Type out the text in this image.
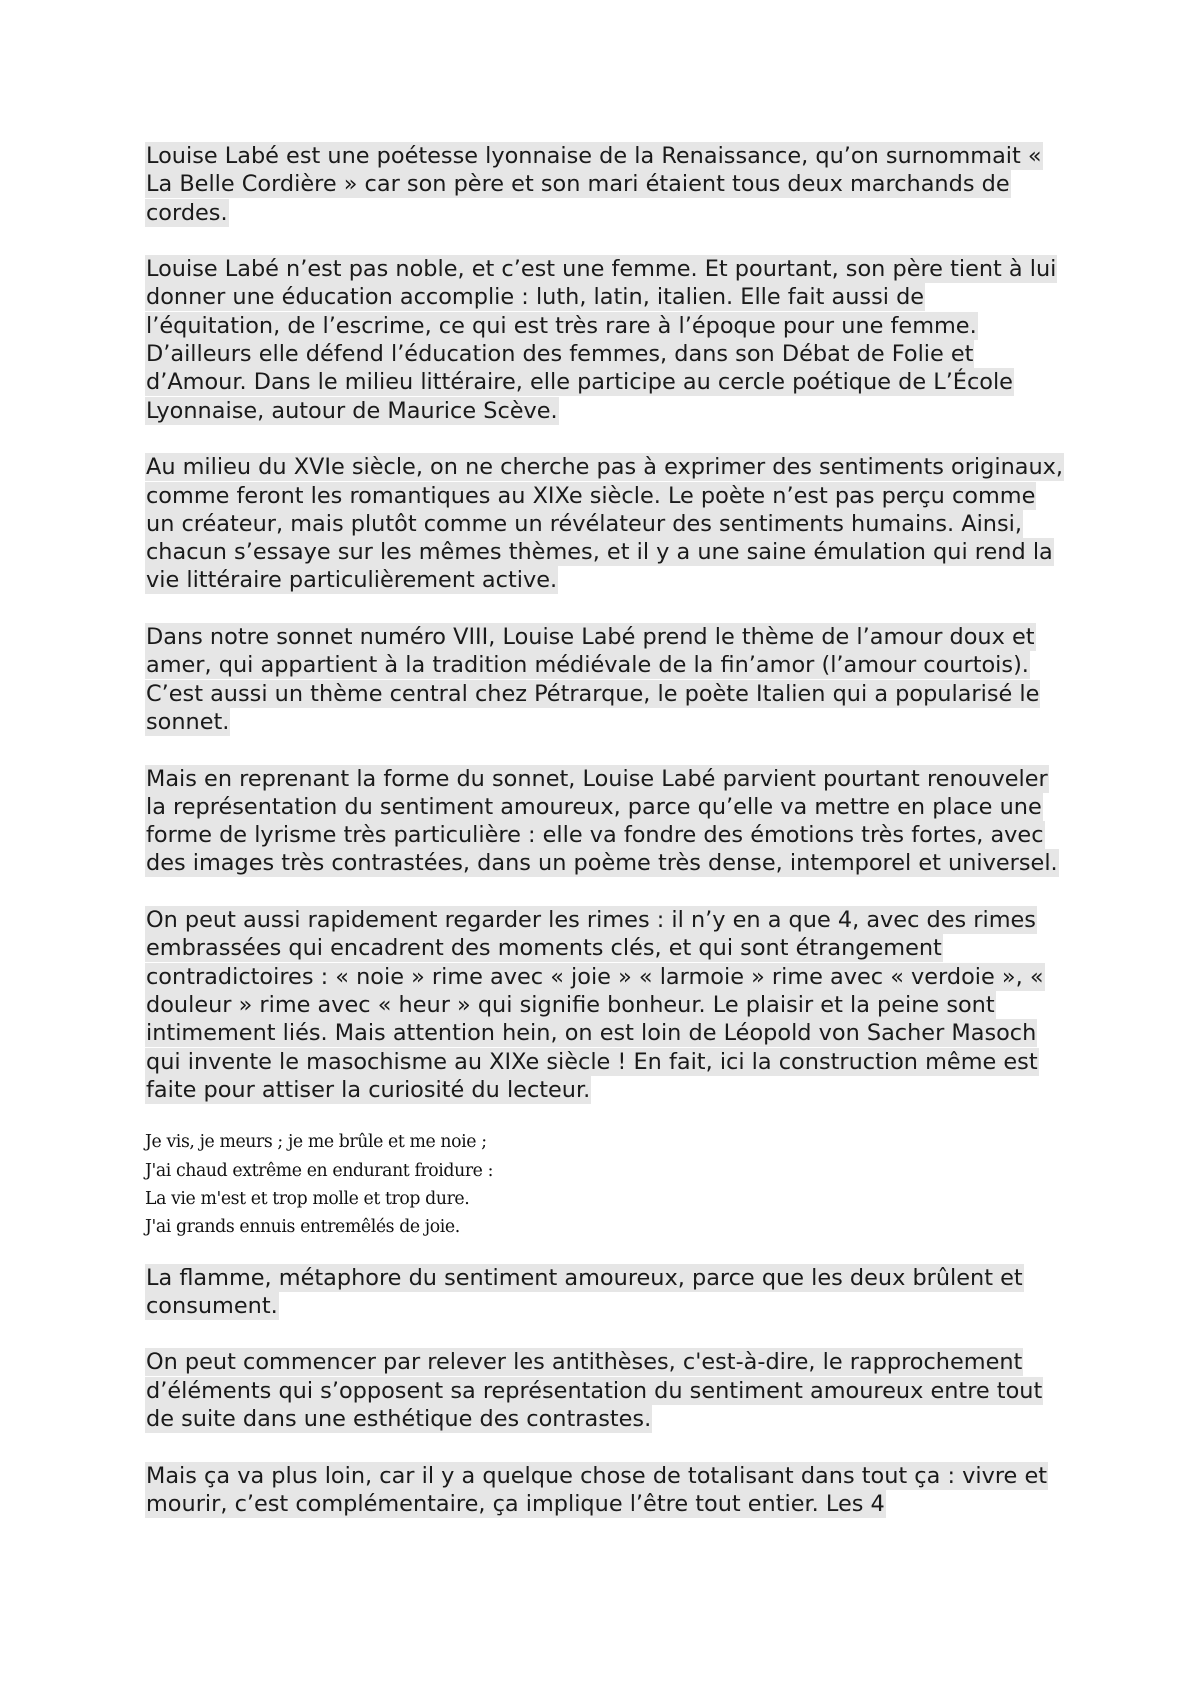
Louise Labé est une poétesse lyonnaise de la Renaissance, qu’on surnommait « La Belle Cordière » car son père et son mari étaient tous deux marchands de cordes.

Louise Labé n’est pas noble, et c’est une femme. Et pourtant, son père tient à lui donner une éducation accomplie : luth, latin, italien. Elle fait aussi de l’équitation, de l’escrime, ce qui est très rare à l’époque pour une femme. D’ailleurs elle défend l’éducation des femmes, dans son Débat de Folie et d’Amour. Dans le milieu littéraire, elle participe au cercle poétique de L’École Lyonnaise, autour de Maurice Scève.

Au milieu du XVIe siècle, on ne cherche pas à exprimer des sentiments originaux, comme feront les romantiques au XIXe siècle. Le poète n’est pas perçu comme un créateur, mais plutôt comme un révélateur des sentiments humains. Ainsi, chacun s’essaye sur les mêmes thèmes, et il y a une saine émulation qui rend la vie littéraire particulièrement active.

Dans notre sonnet numéro VIII, Louise Labé prend le thème de l’amour doux et amer, qui appartient à la tradition médiévale de la fin’amor (l’amour courtois). C’est aussi un thème central chez Pétrarque, le poète Italien qui a popularisé le sonnet.

Mais en reprenant la forme du sonnet, Louise Labé parvient pourtant renouveler la représentation du sentiment amoureux, parce qu’elle va mettre en place une forme de lyrisme très particulière : elle va fondre des émotions très fortes, avec des images très contrastées, dans un poème très dense, intemporel et universel.

On peut aussi rapidement regarder les rimes : il n’y en a que 4, avec des rimes embrassées qui encadrent des moments clés, et qui sont étrangement contradictoires : « noie » rime avec « joie » « larmoie » rime avec « verdoie », « douleur » rime avec « heur » qui signifie bonheur. Le plaisir et la peine sont intimement liés. Mais attention hein, on est loin de Léopold von Sacher Masoch qui invente le masochisme au XIXe siècle ! En fait, ici la construction même est faite pour attiser la curiosité du lecteur.

Je vis, je meurs ; je me brûle et me noie ;
J'ai chaud extrême en endurant froidure :
La vie m'est et trop molle et trop dure.
J'ai grands ennuis entremêlés de joie.

La flamme, métaphore du sentiment amoureux, parce que les deux brûlent et consument.

On peut commencer par relever les antithèses, c'est-à-dire, le rapprochement d’éléments qui s’opposent sa représentation du sentiment amoureux entre tout de suite dans une esthétique des contrastes.

Mais ça va plus loin, car il y a quelque chose de totalisant dans tout ça : vivre et mourir, c’est complémentaire, ça implique l’être tout entier. Les 4
